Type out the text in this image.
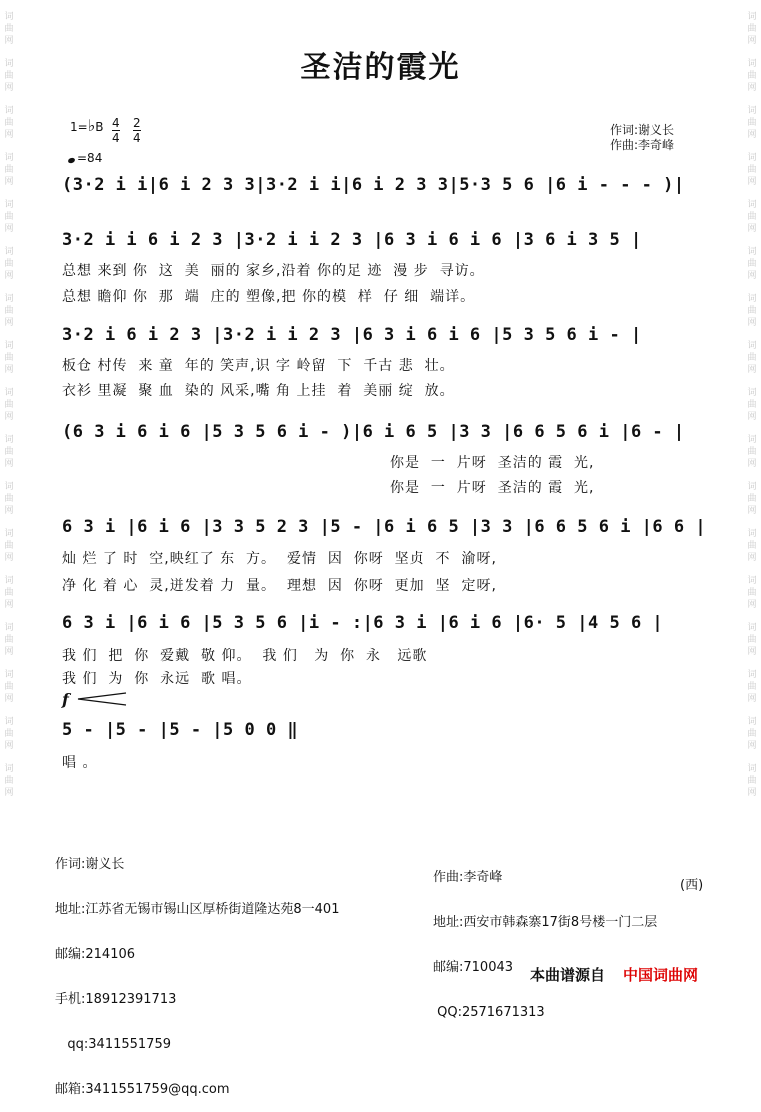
词
曲
网
词
曲
网
词
曲
网
词
曲
网
词
曲
网
词
曲
网
词
曲
网
词
曲
网
词
曲
网
词
曲
网
词
曲
网
词
曲
网
词
曲
网
词
曲
网
词
曲
网
词
曲
网
词
曲
网
词
曲
网
词
曲
网
词
曲
网
词
曲
网
词
曲
网
词
曲
网
词
曲
网
词
曲
网
词
曲
网
词
曲
网
词
曲
网
词
曲
网
词
曲
网
词
曲
网
词
曲
网
词
曲
网
词
曲
网
圣洁的霞光
1=♭B 4
4
2
4
=84
作词:谢义长
作曲:李奇峰
(3·2 i i|6 i 2 3 3|3·2 i i|6 i 2 3 3|5·3 5 6 |6 i - - - )|
3·2 i i 6 i 2 3 |3·2 i i 2 3 |6 3 i 6 i 6 |3 6 i 3 5 |
总想 来到 你  这  美  丽的 家乡,沿着 你的足 迹  漫 步  寻访。
总想 瞻仰 你  那  端  庄的 塑像,把 你的模  样  仔 细  端详。
3·2 i 6 i 2 3 |3·2 i i 2 3 |6 3 i 6 i 6 |5 3 5 6 i - |
板仓 村传  来 童  年的 笑声,识 字 岭留  下  千古 悲  壮。
衣衫 里凝  聚 血  染的 风采,嘴 角 上挂  着  美丽 绽  放。
(6 3 i 6 i 6 |5 3 5 6 i - )|6 i 6 5 |3 3 |6 6 5 6 i |6 - |
你是  一  片呀  圣洁的 霞  光,
你是  一  片呀  圣洁的 霞  光,
6 3 i |6 i 6 |3 3 5 2 3 |5 - |6 i 6 5 |3 3 |6 6 5 6 i |6 6 |
灿 烂 了 时  空,映红了 东  方。  爱情  因  你呀  坚贞  不  渝呀,
净 化 着 心  灵,迸发着 力  量。  理想  因  你呀  更加  坚  定呀,
6 3 i |6 i 6 |5 3 5 6 |i - :|6 3 i |6 i 6 |6· 5 |4 5 6 |
我 们  把  你  爱戴  敬 仰。  我 们   为  你  永   远歌
我 们  为  你  永远  歌 唱。
f
5 - |5 - |5 - |5 0 0 ‖
唱 。

作词:谢义长

地址:江苏省无锡市锡山区厚桥街道隆达苑8一401

邮编:214106

手机:18912391713

qq:3411551759

邮箱:3411551759@qq.com

作曲:李奇峰

地址:西安市韩森寨17街8号楼一门二层

邮编:710043

QQ:2571671313

(西)
本曲谱源自 中国词曲网
